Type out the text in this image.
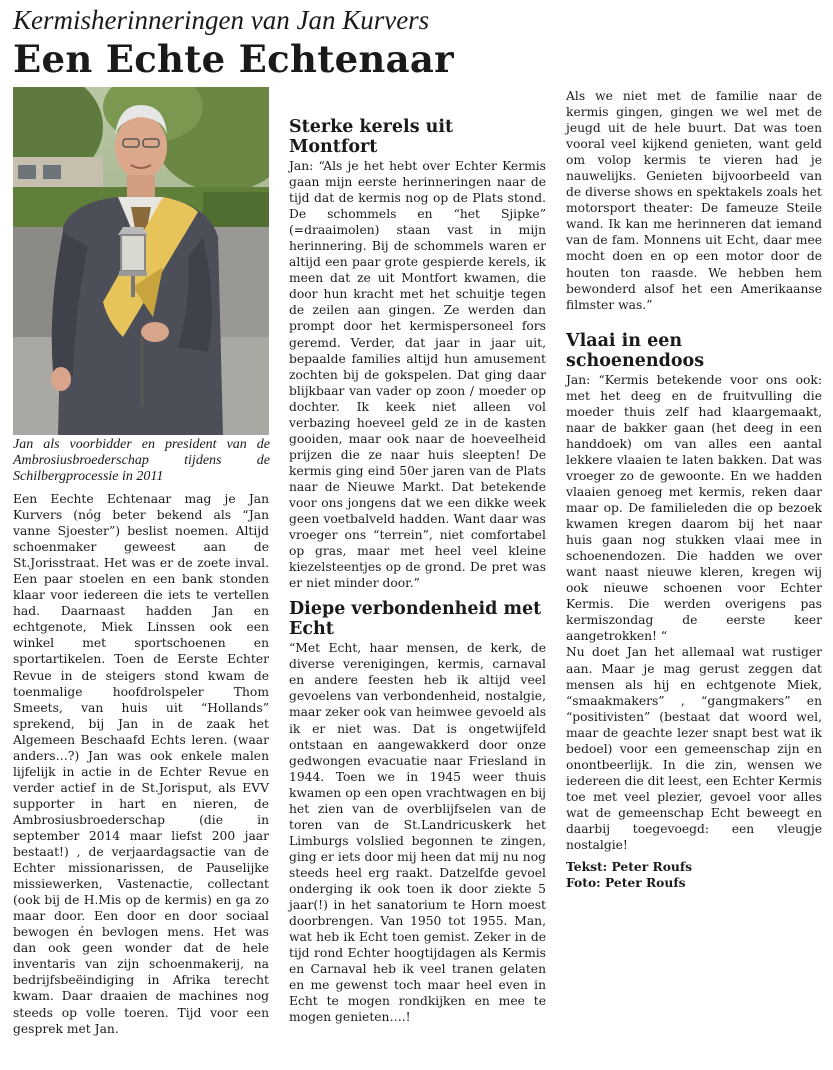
Kermisherinneringen van Jan Kurvers
Een Echte Echtenaar
Jan als voorbidder en president van de Ambrosiusbroederschap tijdens de Schilbergprocessie in 2011

Een Eechte Echtenaar mag je Jan Kurvers (nóg beter bekend als “Jan vanne Sjoester”) beslist noemen. Altijd schoenmaker geweest aan de St.Jorisstraat. Het was er de zoete inval. Een paar stoelen en een bank stonden klaar voor iedereen die iets te vertellen had. Daarnaast hadden Jan en echtgenote, Miek Linssen ook een winkel met sportschoenen en sportartikelen. Toen de Eerste Echter Revue in de steigers stond kwam de toenmalige hoofdrolspeler Thom Smeets, van huis uit “Hollands” sprekend, bij Jan in de zaak het Algemeen Beschaafd Echts leren. (waar anders…?) Jan was ook enkele malen lijfelijk in actie in de Echter Revue en verder actief in de St.Jorisput, als EVV supporter in hart en nieren, de Ambrosiusbroederschap (die in september 2014 maar liefst 200 jaar bestaat!) , de verjaardagsactie van de Echter missionarissen, de Pauselijke missiewerken, Vastenactie, collectant (ook bij de H.Mis op de kermis) en ga zo maar door. Een door en door sociaal bewogen én bevlogen mens. Het was dan ook geen wonder dat de hele inventaris van zijn schoenmakerij, na bedrijfsbeëindiging in Afrika terecht kwam. Daar draaien de machines nog steeds op volle toeren. Tijd voor een gesprek met Jan.

Sterke kerels uit Montfort

Jan: “Als je het hebt over Echter Kermis gaan mijn eerste herinneringen naar de tijd dat de kermis nog op de Plats stond. De schommels en “het Sjipke” (=draaimolen) staan vast in mijn herinnering. Bij de schommels waren er altijd een paar grote gespierde kerels, ik meen dat ze uit Montfort kwamen, die door hun kracht met het schuitje tegen de zeilen aan gingen. Ze werden dan prompt door het kermispersoneel fors geremd. Verder, dat jaar in jaar uit, bepaalde families altijd hun amusement zochten bij de gokspelen. Dat ging daar blijkbaar van vader op zoon / moeder op dochter. Ik keek niet alleen vol verbazing hoeveel geld ze in de kasten gooiden, maar ook naar de hoeveelheid prijzen die ze naar huis sleepten! De kermis ging eind 50er jaren van de Plats naar de Nieuwe Markt. Dat betekende voor ons jongens dat we een dikke week geen voetbalveld hadden. Want daar was vroeger ons “terrein”, niet comfortabel op gras, maar met heel veel kleine kiezelsteentjes op de grond. De pret was er niet minder door.”

Diepe verbondenheid met Echt

“Met Echt, haar mensen, de kerk, de diverse verenigingen, kermis, carnaval en andere feesten heb ik altijd veel gevoelens van verbondenheid, nostalgie, maar zeker ook van heimwee gevoeld als ik er niet was. Dat is ongetwijfeld ontstaan en aangewakkerd door onze gedwongen evacuatie naar Friesland in 1944. Toen we in 1945 weer thuis kwamen op een open vrachtwagen en bij het zien van de overblijfselen van de toren van de St.Landricuskerk het Limburgs volslied begonnen te zingen, ging er iets door mij heen dat mij nu nog steeds heel erg raakt. Datzelfde gevoel onderging ik ook toen ik door ziekte 5 jaar(!) in het sanatorium te Horn moest doorbrengen. Van 1950 tot 1955. Man, wat heb ik Echt toen gemist. Zeker in de tijd rond Echter hoogtijdagen als Kermis en Carnaval heb ik veel tranen gelaten en me gewenst toch maar heel even in Echt te mogen rondkijken en mee te mogen genieten….!

Als we niet met de familie naar de kermis gingen, gingen we wel met de jeugd uit de hele buurt. Dat was toen vooral veel kijkend genieten, want geld om volop kermis te vieren had je nauwelijks. Genieten bijvoorbeeld van de diverse shows en spektakels zoals het motorsport theater: De fameuze Steile wand. Ik kan me herinneren dat iemand van de fam. Monnens uit Echt, daar mee mocht doen en op een motor door de houten ton raasde. We hebben hem bewonderd alsof het een Amerikaanse filmster was.”

Vlaai in een schoenendoos

Jan: “Kermis betekende voor ons ook: met het deeg en de fruitvulling die moeder thuis zelf had klaargemaakt, naar de bakker gaan (het deeg in een handdoek) om van alles een aantal lekkere vlaaien te laten bakken. Dat was vroeger zo de gewoonte. En we hadden vlaaien genoeg met kermis, reken daar maar op. De familieleden die op bezoek kwamen kregen daarom bij het naar huis gaan nog stukken vlaai mee in schoenendozen. Die hadden we over want naast nieuwe kleren, kregen wij ook nieuwe schoenen voor Echter Kermis. Die werden overigens pas kermiszondag de eerste keer aangetrokken! “

Nu doet Jan het allemaal wat rustiger aan. Maar je mag gerust zeggen dat mensen als hij en echtgenote Miek, “smaakmakers” , “gangmakers” en “positivisten” (bestaat dat woord wel, maar de geachte lezer snapt best wat ik bedoel) voor een gemeenschap zijn en onontbeerlijk. In die zin, wensen we iedereen die dit leest, een Echter Kermis toe met veel plezier, gevoel voor alles wat de gemeenschap Echt beweegt en daarbij toegevoegd: een vleugje nostalgie!

Tekst: Peter Roufs

Foto: Peter Roufs
